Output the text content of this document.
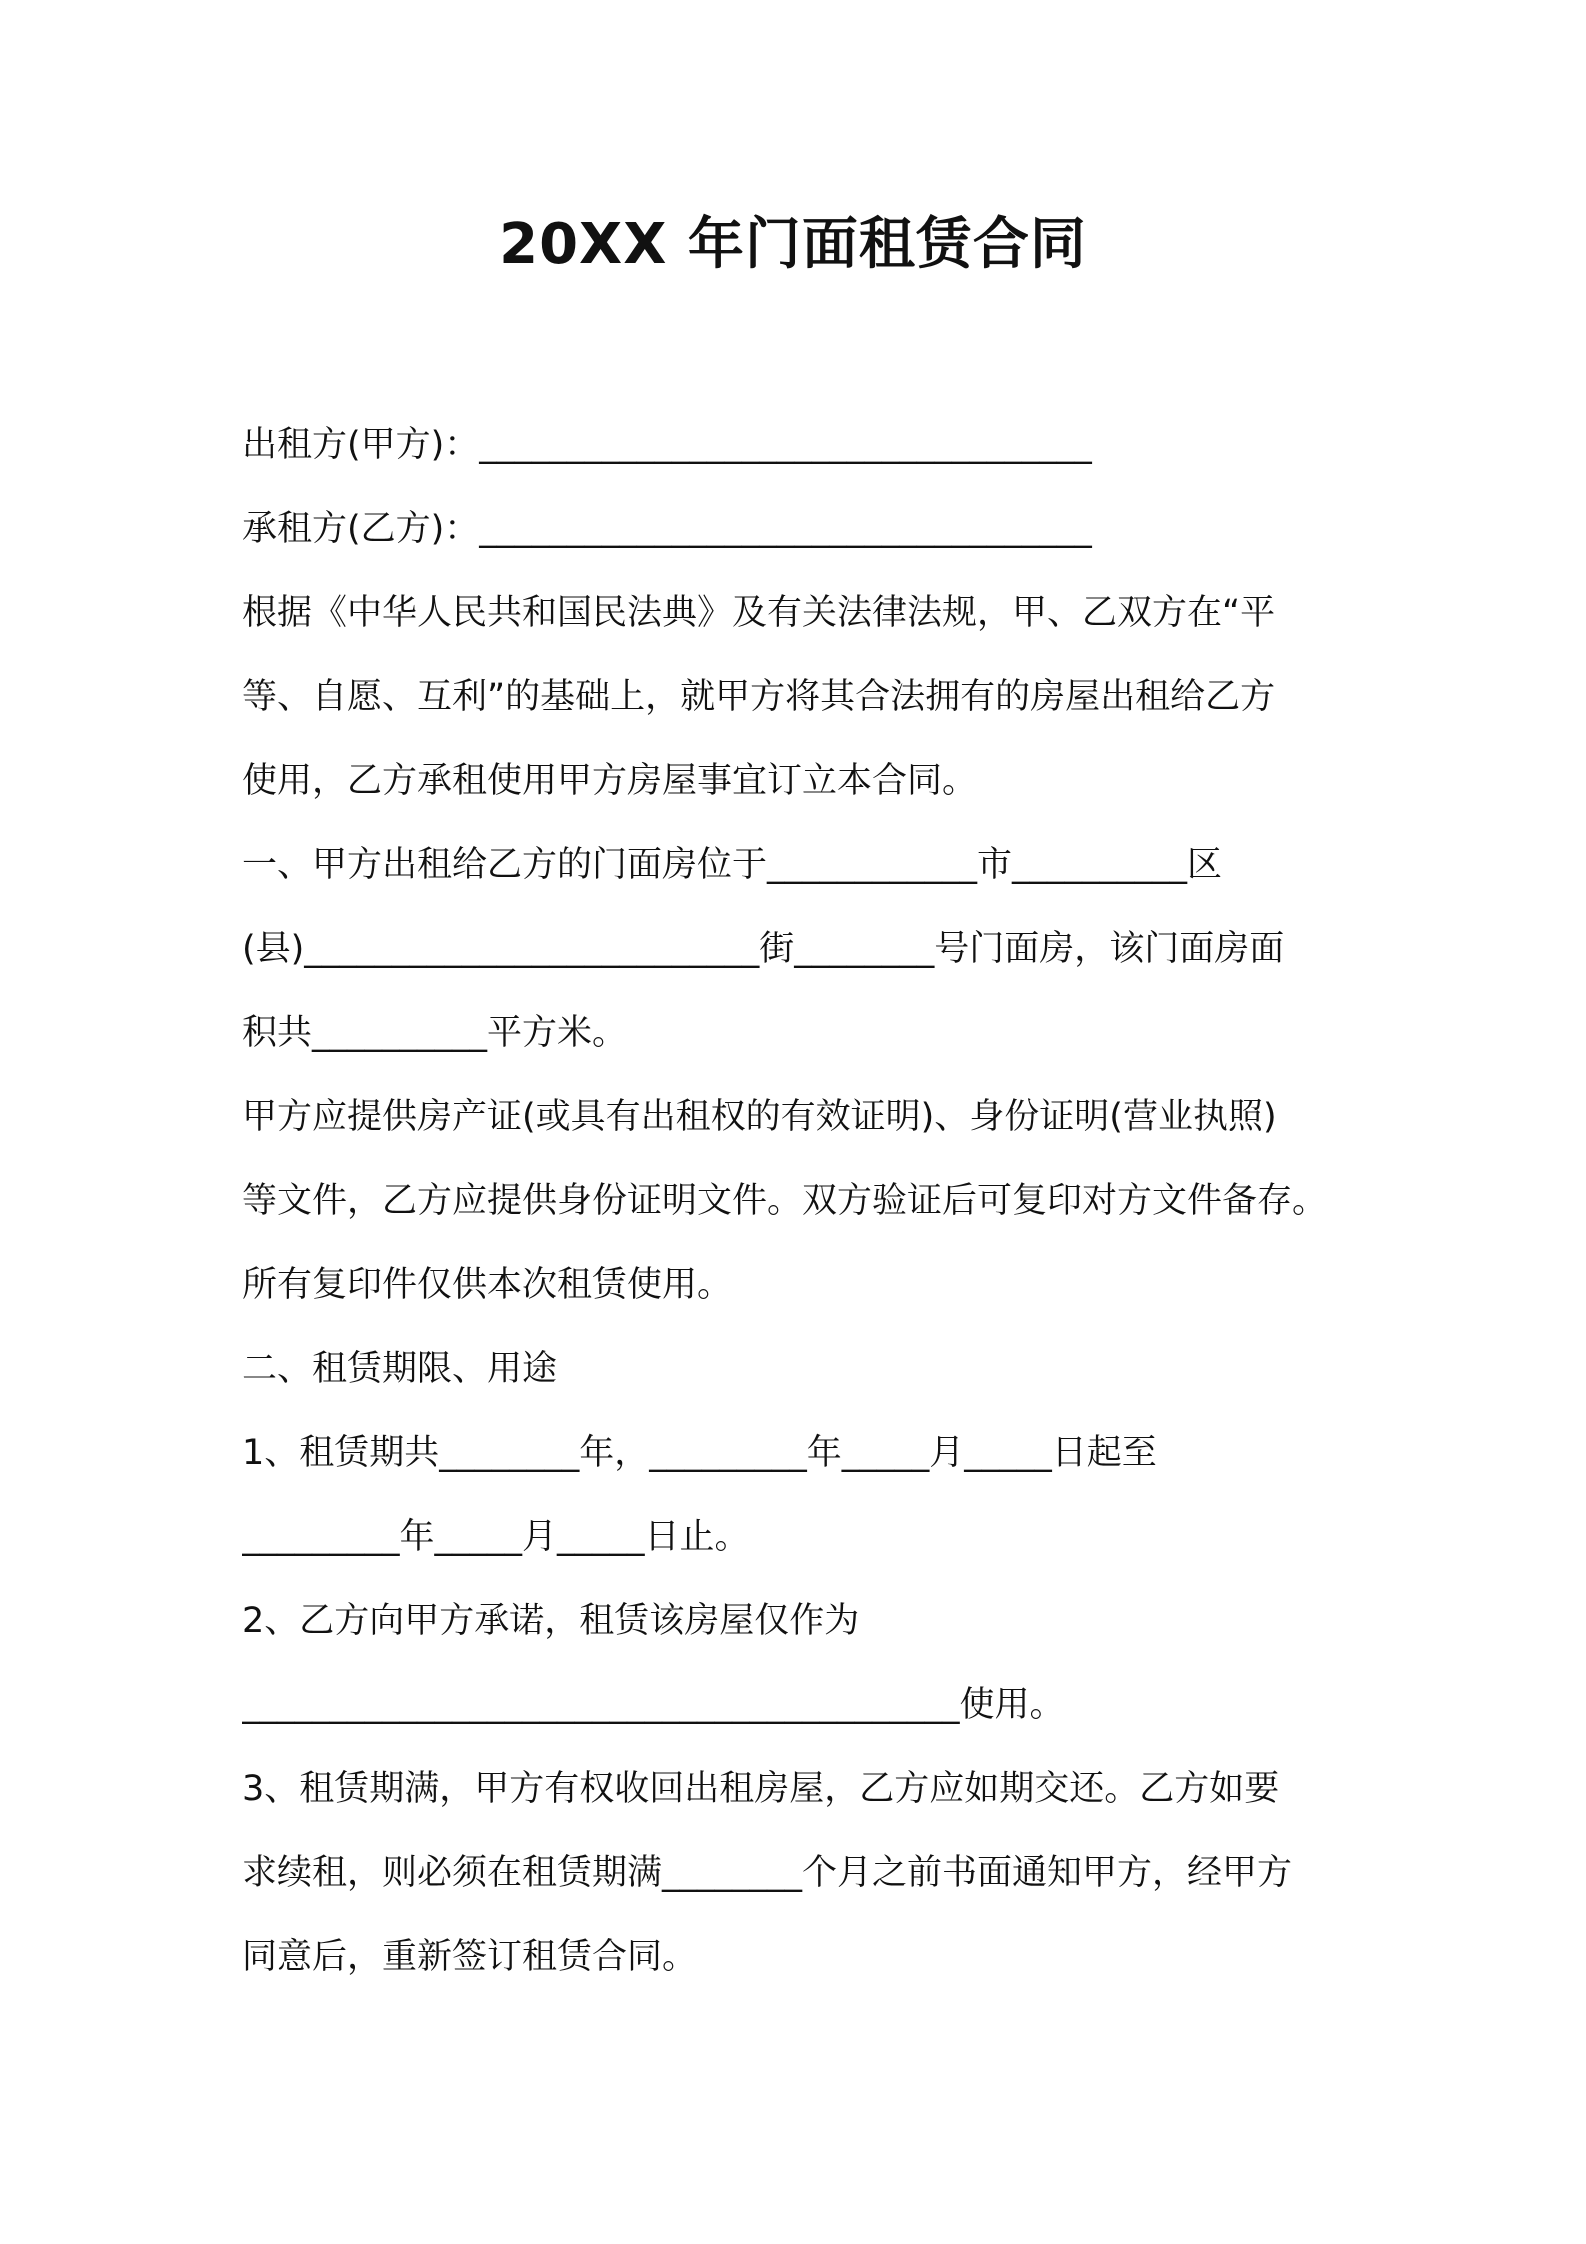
20XX 年门面租赁合同
出租方(甲方)：___________________________________
承租方(乙方)：___________________________________
根据《中华人民共和国民法典》及有关法律法规，甲、乙双方在“平
等、自愿、互利”的基础上，就甲方将其合法拥有的房屋出租给乙方
使用，乙方承租使用甲方房屋事宜订立本合同。
一、甲方出租给乙方的门面房位于____________市__________区
(县)__________________________街________号门面房，该门面房面
积共__________平方米。
甲方应提供房产证(或具有出租权的有效证明)、身份证明(营业执照)
等文件，乙方应提供身份证明文件。双方验证后可复印对方文件备存。
所有复印件仅供本次租赁使用。
二、租赁期限、用途
1、租赁期共________年，_________年_____月_____日起至
_________年_____月_____日止。
2、乙方向甲方承诺，租赁该房屋仅作为
_________________________________________使用。
3、租赁期满，甲方有权收回出租房屋，乙方应如期交还。乙方如要
求续租，则必须在租赁期满________个月之前书面通知甲方，经甲方
同意后，重新签订租赁合同。
